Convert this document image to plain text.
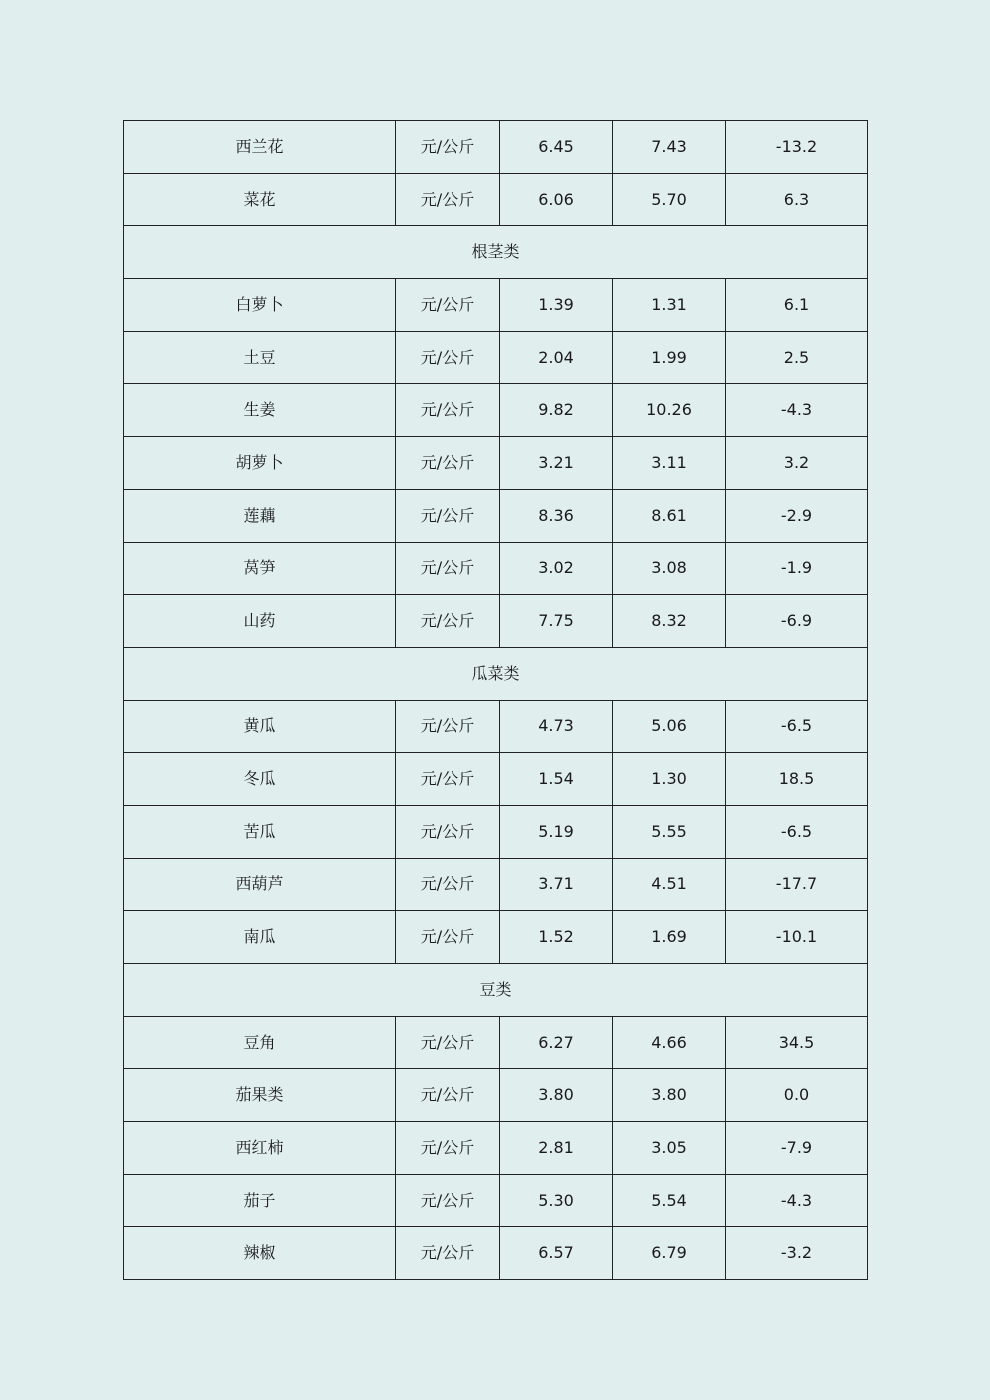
西兰花	元/公斤	6.45	7.43	-13.2
菜花	元/公斤	6.06	5.70	6.3
根茎类				
白萝卜	元/公斤	1.39	1.31	6.1
土豆	元/公斤	2.04	1.99	2.5
生姜	元/公斤	9.82	10.26	-4.3
胡萝卜	元/公斤	3.21	3.11	3.2
莲藕	元/公斤	8.36	8.61	-2.9
莴笋	元/公斤	3.02	3.08	-1.9
山药	元/公斤	7.75	8.32	-6.9
瓜菜类				
黄瓜	元/公斤	4.73	5.06	-6.5
冬瓜	元/公斤	1.54	1.30	18.5
苦瓜	元/公斤	5.19	5.55	-6.5
西葫芦	元/公斤	3.71	4.51	-17.7
南瓜	元/公斤	1.52	1.69	-10.1
豆类				
豆角	元/公斤	6.27	4.66	34.5
茄果类	元/公斤	3.80	3.80	0.0
西红柿	元/公斤	2.81	3.05	-7.9
茄子	元/公斤	5.30	5.54	-4.3
辣椒	元/公斤	6.57	6.79	-3.2
